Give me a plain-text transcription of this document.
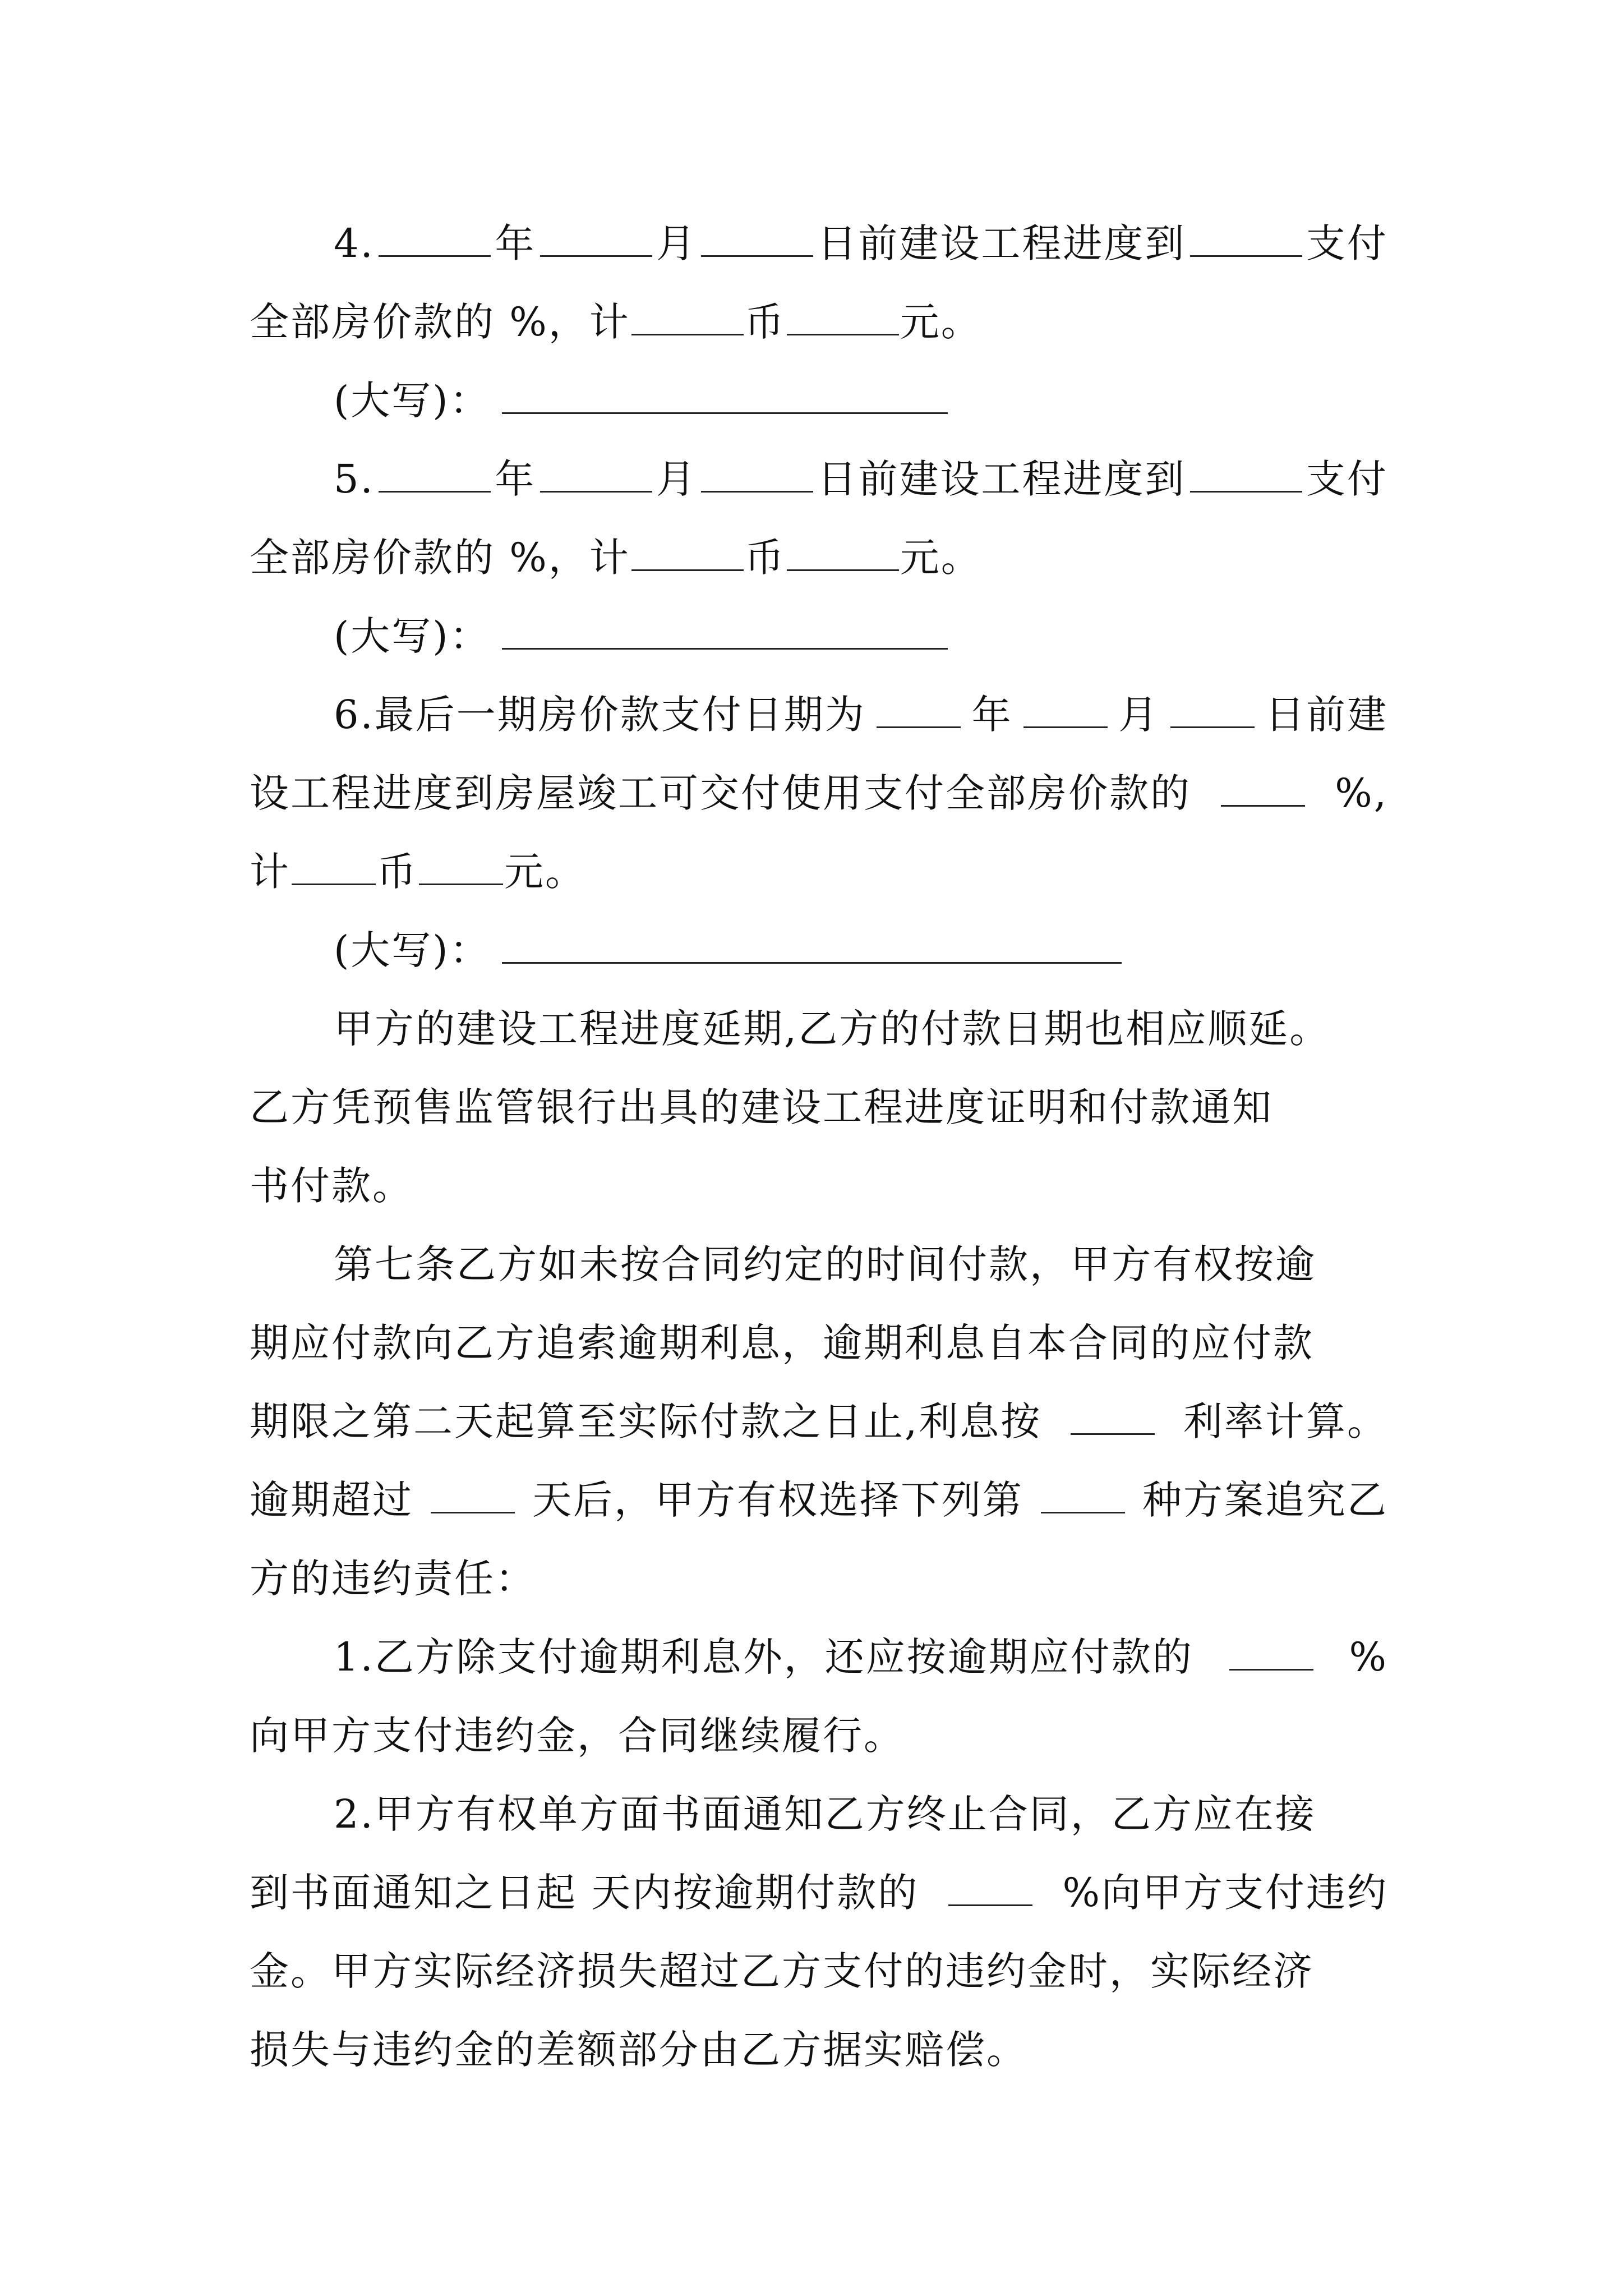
4.	年	月	日前建设工程进度到	支付
全部房价款的 %，计	币	元。
(大写)：
5.	年	月	日前建设工程进度到	支付
全部房价款的 %，计	币	元。
(大写)：
6.最后一期房价款支付日期为	年	月	日前建
设工程进度到房屋竣工可交付使用支付全部房价款的	%,
计 币 元。
(大写)：
甲方的建设工程进度延期,乙方的付款日期也相应顺延。
乙方凭预售监管银行出具的建设工程进度证明和付款通知
书付款。
第七条乙方如未按合同约定的时间付款，甲方有权按逾
期应付款向乙方追索逾期利息，逾期利息自本合同的应付款
期限之第二天起算至实际付款之日止,利息按	利率计算。
逾期超过	天后，甲方有权选择下列第	种方案追究乙
方的违约责任：
1.乙方除支付逾期利息外，还应按逾期应付款的	%
向甲方支付违约金，合同继续履行。
2.甲方有权单方面书面通知乙方终止合同，乙方应在接
到书面通知之日起 天内按逾期付款的	%向甲方支付违约
金。甲方实际经济损失超过乙方支付的违约金时，实际经济
损失与违约金的差额部分由乙方据实赔偿。
